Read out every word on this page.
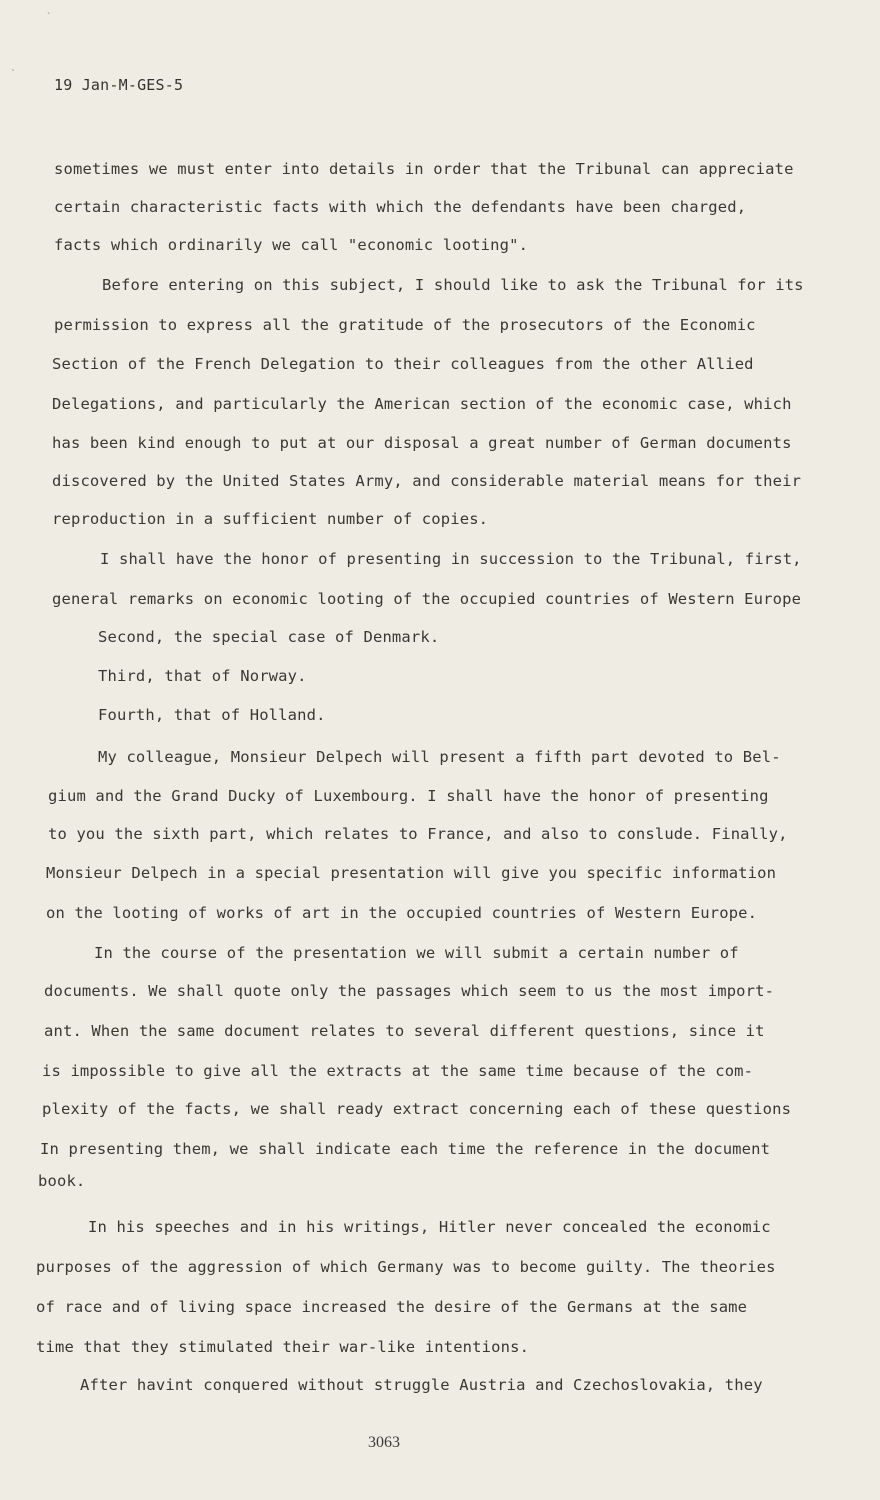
ˋ
ˎ
19 Jan-M-GES-5
sometimes we must enter into details in order that the Tribunal can appreciate
certain characteristic facts with which the defendants have been charged,
facts which ordinarily we call "economic looting".
Before entering on this subject, I should like to ask the Tribunal for its
permission to express all the gratitude of the prosecutors of the Economic
Section of the French Delegation to their colleagues from the other Allied
Delegations, and particularly the American section of the economic case, which
has been kind enough to put at our disposal a great number of German documents
discovered by the United States Army, and considerable material means for their
reproduction in a sufficient number of copies.
I shall have the honor of presenting in succession to the Tribunal, first,
general remarks on economic looting of the occupied countries of Western Europe
Second, the special case of Denmark.
Third, that of Norway.
Fourth, that of Holland.
My colleague, Monsieur Delpech will present a fifth part devoted to Bel-
gium and the Grand Ducky of Luxembourg. I shall have the honor of presenting
to you the sixth part, which relates to France, and also to conslude. Finally,
Monsieur Delpech in a special presentation will give you specific information
on the looting of works of art in the occupied countries of Western Europe.
In the course of the presentation we will submit a certain number of
documents. We shall quote only the passages which seem to us the most import-
ant. When the same document relates to several different questions, since it
is impossible to give all the extracts at the same time because of the com-
plexity of the facts, we shall ready extract concerning each of these questions
In presenting them, we shall indicate each time the reference in the document
book.
In his speeches and in his writings, Hitler never concealed the economic
purposes of the aggression of which Germany was to become guilty. The theories
of race and of living space increased the desire of the Germans at the same
time that they stimulated their war-like intentions.
After havint conquered without struggle Austria and Czechoslovakia, they
3063
